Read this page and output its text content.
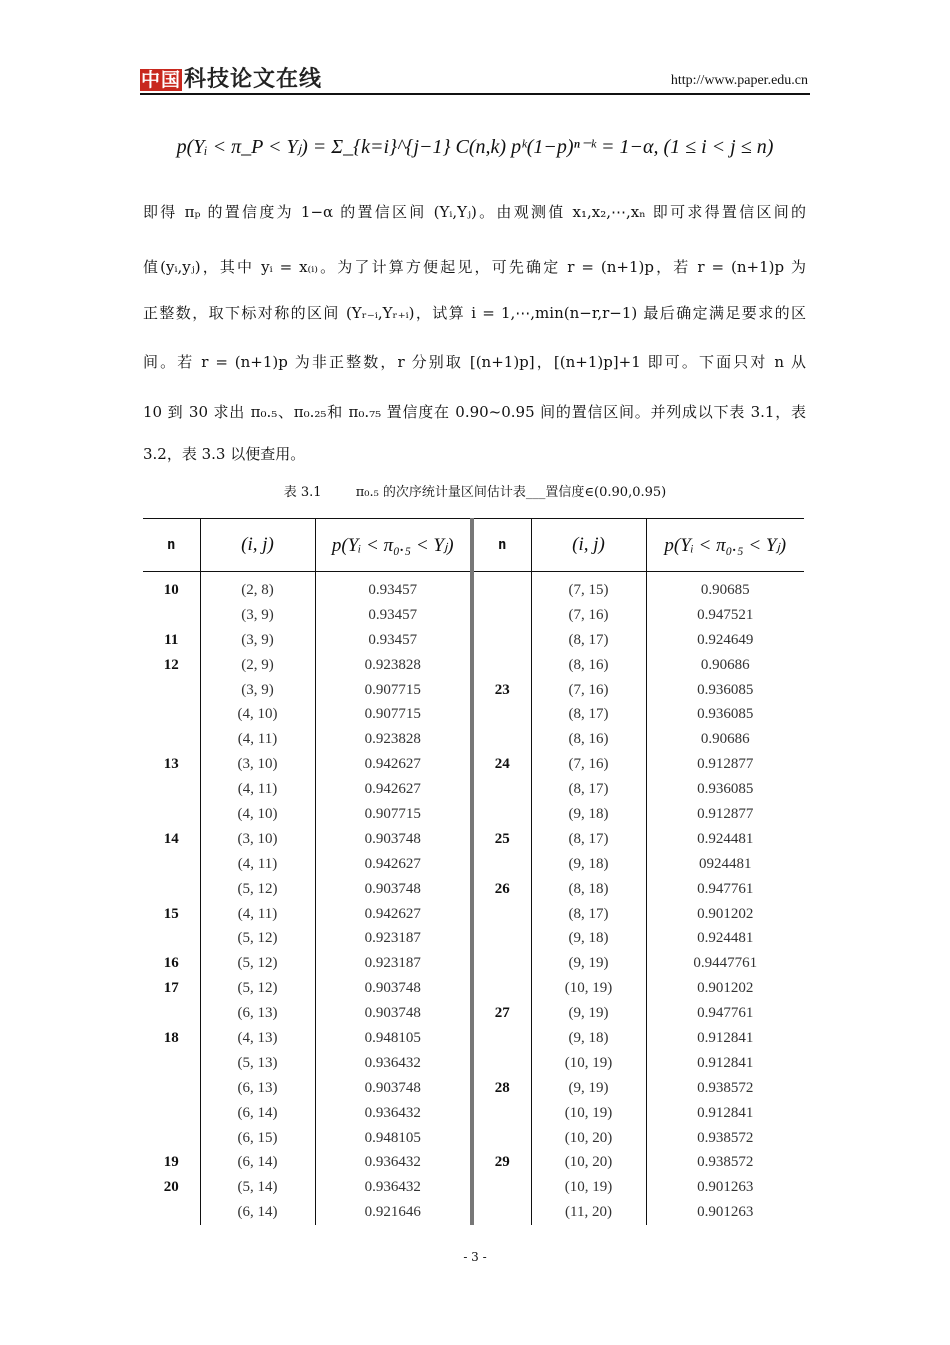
中国 科技论文在线	http://www.paper.edu.cn
p(Yᵢ < π_P < Yⱼ) = Σ_{k=i}^{j−1} C(n,k) pᵏ(1−p)ⁿ⁻ᵏ = 1−α, (1 ≤ i < j ≤ n)
即得 πₚ 的置信度为 1−α 的置信区间 (Yᵢ,Yⱼ)。由观测值 x₁,x₂,⋯,xₙ 即可求得置信区间的
值(yᵢ,yⱼ)，其中 yᵢ = x₍ᵢ₎。为了计算方便起见，可先确定 r = (n+1)p，若 r = (n+1)p 为
正整数，取下标对称的区间 (Yᵣ₋ᵢ,Yᵣ₊ᵢ)，试算 i = 1,⋯,min(n−r,r−1) 最后确定满足要求的区
间。若 r = (n+1)p 为非正整数，r 分别取 [(n+1)p]，[(n+1)p]+1 即可。下面只对 n 从
10 到 30 求出 π₀.₅、π₀.₂₅和 π₀.₇₅ 置信度在 0.90~0.95 间的置信区间。并列成以下表 3.1，表
3.2，表 3.3 以便查用。
表 3.1	π₀.₅ 的次序统计量区间估计表___置信度∈(0.90,0.95)
n	(i, j)	p(Yᵢ < π₀.₅ < Yⱼ)	n	(i, j)	p(Yᵢ < π₀.₅ < Yⱼ)
10	(2, 8)	0.93457		(7, 15)	0.90685
	(3, 9)	0.93457		(7, 16)	0.947521
11	(3, 9)	0.93457		(8, 17)	0.924649
12	(2, 9)	0.923828		(8, 16)	0.90686
	(3, 9)	0.907715	23	(7, 16)	0.936085
	(4, 10)	0.907715		(8, 17)	0.936085
	(4, 11)	0.923828		(8, 16)	0.90686
13	(3, 10)	0.942627	24	(7, 16)	0.912877
	(4, 11)	0.942627		(8, 17)	0.936085
	(4, 10)	0.907715		(9, 18)	0.912877
14	(3, 10)	0.903748	25	(8, 17)	0.924481
	(4, 11)	0.942627		(9, 18)	0924481
	(5, 12)	0.903748	26	(8, 18)	0.947761
15	(4, 11)	0.942627		(8, 17)	0.901202
	(5, 12)	0.923187		(9, 18)	0.924481
16	(5, 12)	0.923187		(9, 19)	0.9447761
17	(5, 12)	0.903748		(10, 19)	0.901202
	(6, 13)	0.903748	27	(9, 19)	0.947761
18	(4, 13)	0.948105		(9, 18)	0.912841
	(5, 13)	0.936432		(10, 19)	0.912841
	(6, 13)	0.903748	28	(9, 19)	0.938572
	(6, 14)	0.936432		(10, 19)	0.912841
	(6, 15)	0.948105		(10, 20)	0.938572
19	(6, 14)	0.936432	29	(10, 20)	0.938572
20	(5, 14)	0.936432		(10, 19)	0.901263
	(6, 14)	0.921646		(11, 20)	0.901263
- 3 -
